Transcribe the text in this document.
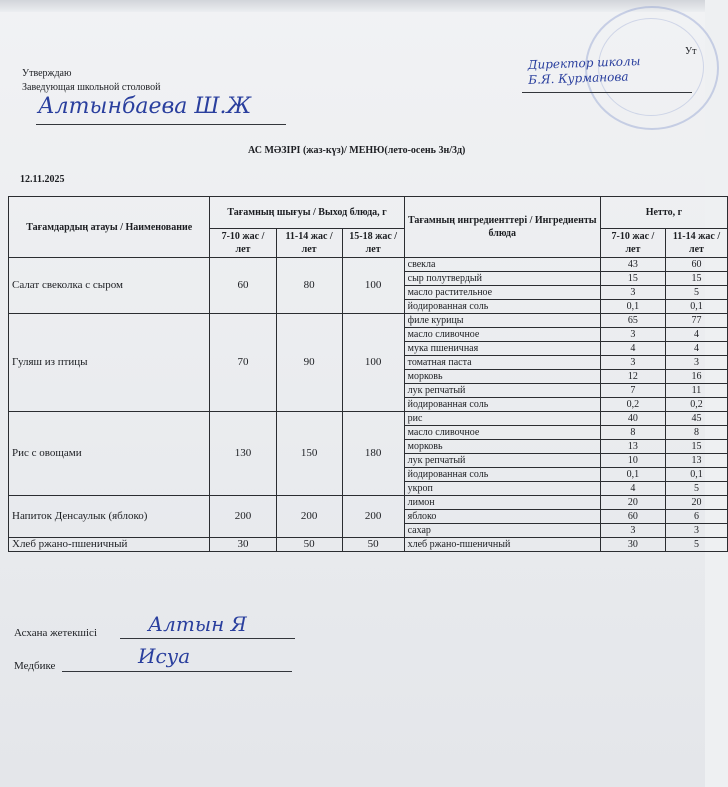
Утверждаю
Заведующая школьной столовой
Алтынбаева Ш.Ж
Ут
Директор школы
Б.Я. Курманова
АС МӘЗІРІ (жаз-күз)/ МЕНЮ(лето-осень 3н/3д)
12.11.2025
Тағамдардың атауы / Наименование	Тағамның шығуы / Выход блюда, г			Тағамның ингредиенттері / Ингредиенты блюда	Нетто, г	
	7-10 жас / лет	11-14 жас / лет	15-18 жас / лет		7-10 жас / лет	11-14 жас / лет
Салат свеколка с сыром	60	80	100	свекла	43	60
				сыр полутвердый	15	15
				масло растительное	3	5
				йодированная соль	0,1	0,1
Гуляш из птицы	70	90	100	филе курицы	65	77
				масло сливочное	3	4
				мука пшеничная	4	4
				томатная паста	3	3
				морковь	12	16
				лук репчатый	7	11
				йодированная соль	0,2	0,2
Рис с овощами	130	150	180	рис	40	45
				масло сливочное	8	8
				морковь	13	15
				лук репчатый	10	13
				йодированная соль	0,1	0,1
				укроп	4	5
Напиток Денсаулык (яблоко)	200	200	200	лимон	20	20
				яблоко	60	6
				сахар	3	3
Хлеб ржано-пшеничный	30	50	50	хлеб ржано-пшеничный	30	5
Асхана жетекшісі	Алтын Я
Медбике	Исуа
